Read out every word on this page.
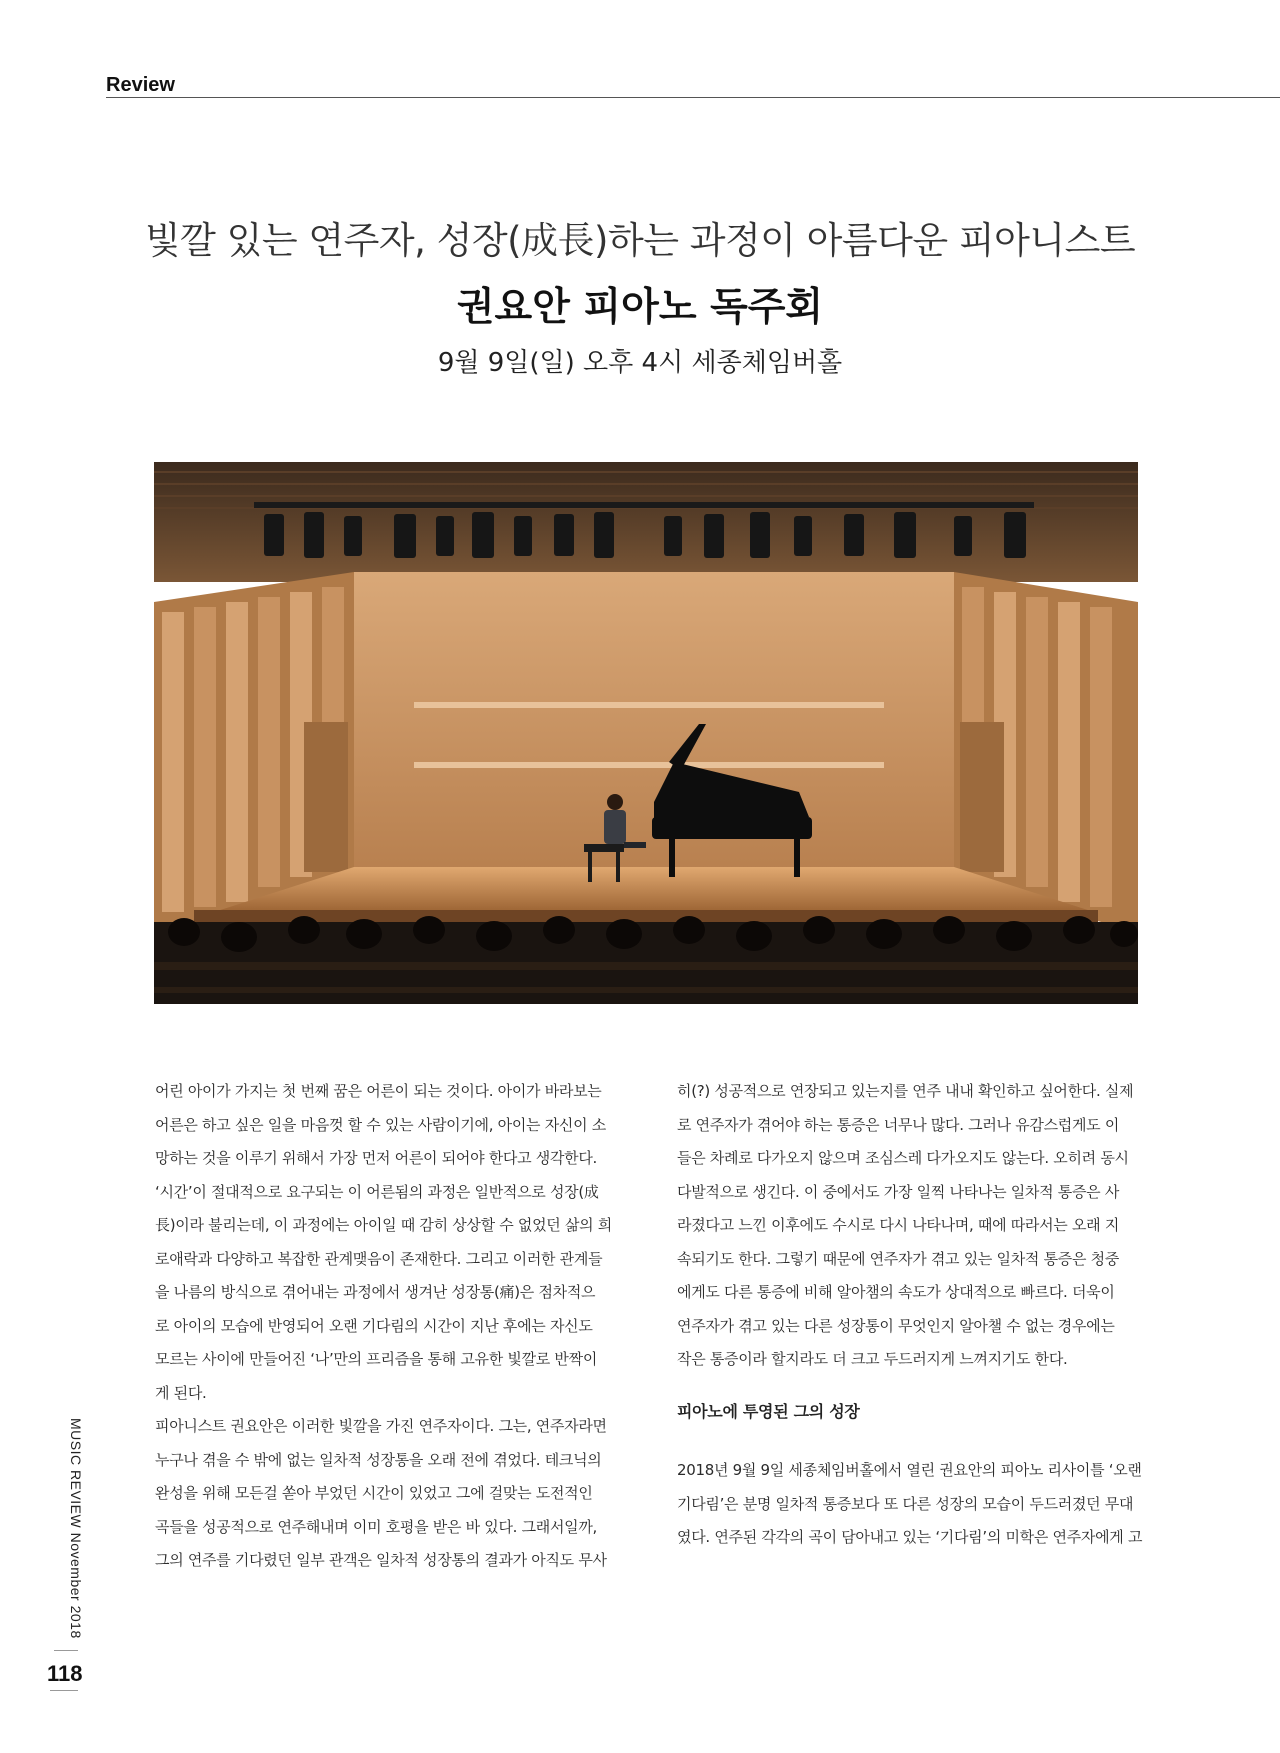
Review
빛깔 있는 연주자, 성장(成長)하는 과정이 아름다운 피아니스트
권요안 피아노 독주회
9월 9일(일) 오후 4시 세종체임버홀
어린 아이가 가지는 첫 번째 꿈은 어른이 되는 것이다. 아이가 바라보는
어른은 하고 싶은 일을 마음껏 할 수 있는 사람이기에, 아이는 자신이 소
망하는 것을 이루기 위해서 가장 먼저 어른이 되어야 한다고 생각한다.
‘시간’이 절대적으로 요구되는 이 어른됨의 과정은 일반적으로 성장(成
長)이라 불리는데, 이 과정에는 아이일 때 감히 상상할 수 없었던 삶의 희
로애락과 다양하고 복잡한 관계맺음이 존재한다. 그리고 이러한 관계들
을 나름의 방식으로 겪어내는 과정에서 생겨난 성장통(痛)은 점차적으
로 아이의 모습에 반영되어 오랜 기다림의 시간이 지난 후에는 자신도
모르는 사이에 만들어진 ‘나’만의 프리즘을 통해 고유한 빛깔로 반짝이
게 된다.
피아니스트 권요안은 이러한 빛깔을 가진 연주자이다. 그는, 연주자라면
누구나 겪을 수 밖에 없는 일차적 성장통을 오래 전에 겪었다. 테크닉의
완성을 위해 모든걸 쏟아 부었던 시간이 있었고 그에 걸맞는 도전적인
곡들을 성공적으로 연주해내며 이미 호평을 받은 바 있다. 그래서일까,
그의 연주를 기다렸던 일부 관객은 일차적 성장통의 결과가 아직도 무사
히(?) 성공적으로 연장되고 있는지를 연주 내내 확인하고 싶어한다. 실제
로 연주자가 겪어야 하는 통증은 너무나 많다. 그러나 유감스럽게도 이
들은 차례로 다가오지 않으며 조심스레 다가오지도 않는다. 오히려 동시
다발적으로 생긴다. 이 중에서도 가장 일찍 나타나는 일차적 통증은 사
라졌다고 느낀 이후에도 수시로 다시 나타나며, 때에 따라서는 오래 지
속되기도 한다. 그렇기 때문에 연주자가 겪고 있는 일차적 통증은 청중
에게도 다른 통증에 비해 알아챔의 속도가 상대적으로 빠르다. 더욱이
연주자가 겪고 있는 다른 성장통이 무엇인지 알아챌 수 없는 경우에는
작은 통증이라 할지라도 더 크고 두드러지게 느껴지기도 한다.
피아노에 투영된 그의 성장
2018년 9월 9일 세종체임버홀에서 열린 권요안의 피아노 리사이틀 ‘오랜
기다림’은 분명 일차적 통증보다 또 다른 성장의 모습이 두드러졌던 무대
였다. 연주된 각각의 곡이 담아내고 있는 ‘기다림’의 미학은 연주자에게 고
MUSIC REVIEW November 2018
118
